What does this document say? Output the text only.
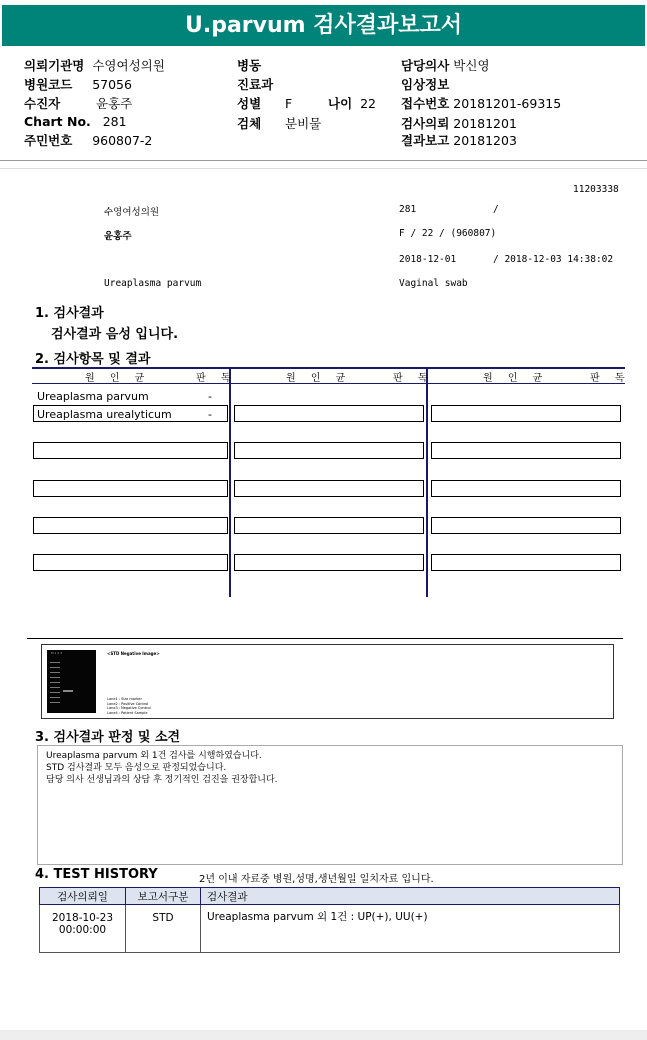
U.parvum 검사결과보고서
의뢰기관명 수영여성의원
병원코드 57056
수진자	윤홍주
Chart No. 281
주민번호 960807-2
병동
진료과
성별 F	나이 22
검체 분비물
담당의사 박신영
임상정보
접수번호 20181201-69315
검사의뢰 20181201
결과보고 20181203
11203338
수영여성의원	281	/
윤홍주	F / 22 / (960807)
2018-12-01	/ 2018-12-03 14:38:02
Ureaplasma parvum	Vaginal swab
1. 검사결과
검사결과 음성 입니다.
2. 검사항목 및 결과
원 인 균	판 독	원 인 균	판 독	원 인 균	판 독
Ureaplasma parvum	-
Ureaplasma urealyticum	-
M 1 2 3	<STD Negative Image>
Lane1 : Size marker
Lane2 : Positive Control
Lane3 : Negative Control
Lane4 : Patient Sample
3. 검사결과 판정 및 소견
Ureaplasma parvum 외 1건 검사를 시행하였습니다.
STD 검사결과 모두 음성으로 판정되었습니다.
담당 의사 선생님과의 상담 후 정기적인 검진을 권장합니다.
4. TEST HISTORY	2년 이내 자료중 병원,성명,생년월일 일치자료 입니다.
검사의뢰일	보고서구분	검사결과

2018-10-23
00:00:00	STD	Ureaplasma parvum 외 1건 : UP(+), UU(+)
